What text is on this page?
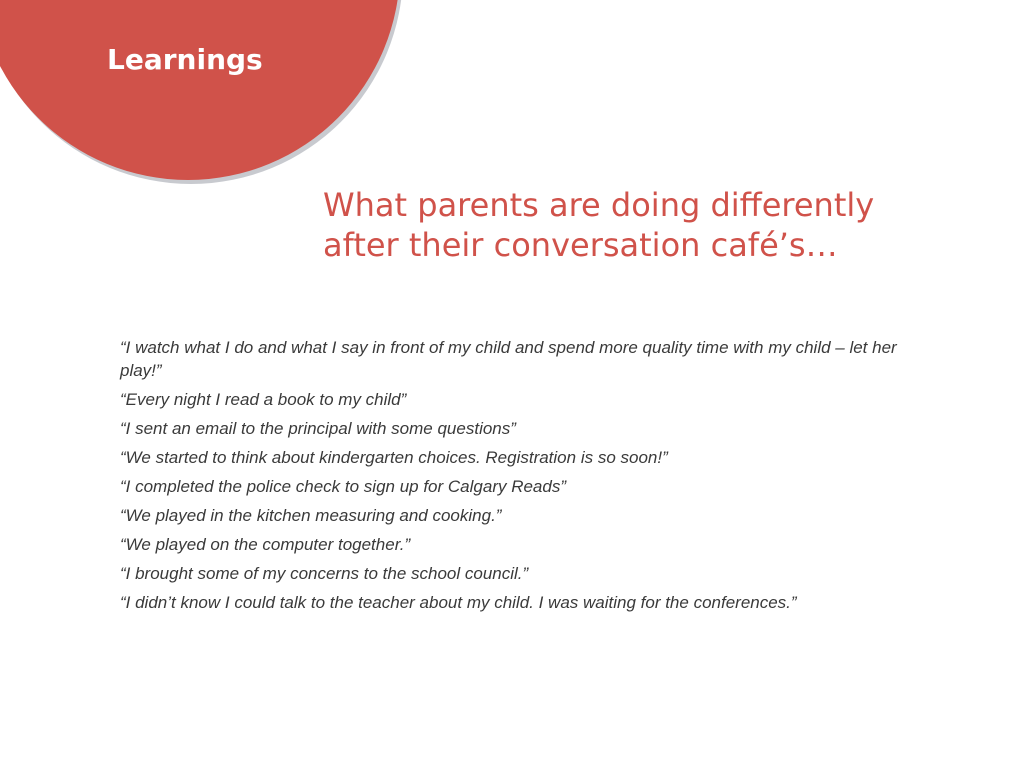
Learnings
What parents are doing differently
after their conversation café’s…
“I watch what I do and what I say in front of my child and spend more quality time with my child – let her play!”
“Every night I read a book to my child”
“I sent an email to the principal with some questions”
“We started to think about kindergarten choices. Registration is so soon!”
“I completed the police check to sign up for Calgary Reads”
“We played in the kitchen measuring and cooking.”
“We played on the computer together.”
“I brought some of my concerns to the school council.”
“I didn’t know I could talk to the teacher about my child. I was waiting for the conferences.”
